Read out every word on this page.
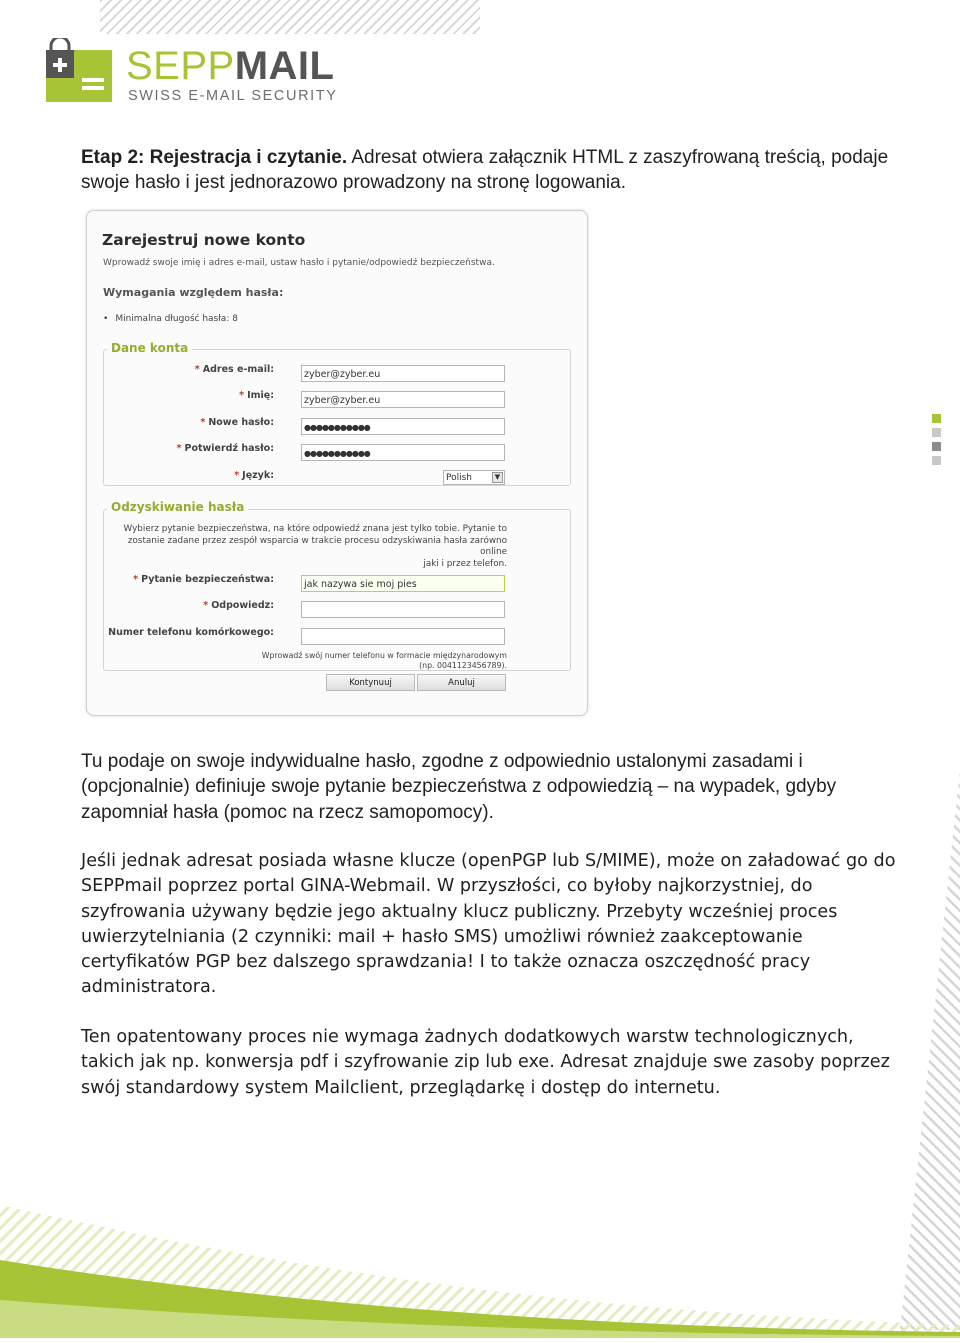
SEPPMAIL
SWISS E-MAIL SECURITY
Etap 2: Rejestracja i czytanie. Adresat otwiera załącznik HTML z zaszyfrowaną treścią, podaje swoje hasło i jest jednorazowo prowadzony na stronę logowania.
Zarejestruj nowe konto
Wprowadź swoje imię i adres e-mail, ustaw hasło i pytanie/odpowiedź bezpieczeństwa.
Wymagania względem hasła:
• Minimalna długość hasła: 8
Dane konta
* Adres e-mail:	zyber@zyber.eu
* Imię:	zyber@zyber.eu
* Nowe hasło:	●●●●●●●●●●●
* Potwierdź hasło:	●●●●●●●●●●●
* Język:	Polish	▼
Odzyskiwanie hasła
Wybierz pytanie bezpieczeństwa, na które odpowiedź znana jest tylko tobie. Pytanie to
zostanie zadane przez zespół wsparcia w trakcie procesu odzyskiwania hasła zarówno online
jaki i przez telefon.
* Pytanie bezpieczeństwa:	jak nazywa sie moj pies
* Odpowiedz:
Numer telefonu komórkowego:
Wprowadź swój numer telefonu w formacie międzynarodowym
(np. 0041123456789).
Kontynuuj	Anuluj
Tu podaje on swoje indywidualne hasło, zgodne z odpowiednio ustalonymi zasadami i (opcjonalnie) definiuje swoje pytanie bezpieczeństwa z odpowiedzią – na wypadek, gdyby zapomniał hasła (pomoc na rzecz samopomocy).
Jeśli jednak adresat posiada własne klucze (openPGP lub S/MIME), może on załadować go do SEPPmail poprzez portal GINA-Webmail. W przyszłości, co byłoby najkorzystniej, do szyfrowania używany będzie jego aktualny klucz publiczny. Przebyty wcześniej proces uwierzytelniania (2 czynniki: mail + hasło SMS) umożliwi również zaakceptowanie certyfikatów PGP bez dalszego sprawdzania! I to także oznacza oszczędność pracy administratora.
Ten opatentowany proces nie wymaga żadnych dodatkowych warstw technologicznych, takich jak np. konwersja pdf i szyfrowanie zip lub exe. Adresat znajduje swe zasoby poprzez swój standardowy system Mailclient, przeglądarkę i dostęp do internetu.
